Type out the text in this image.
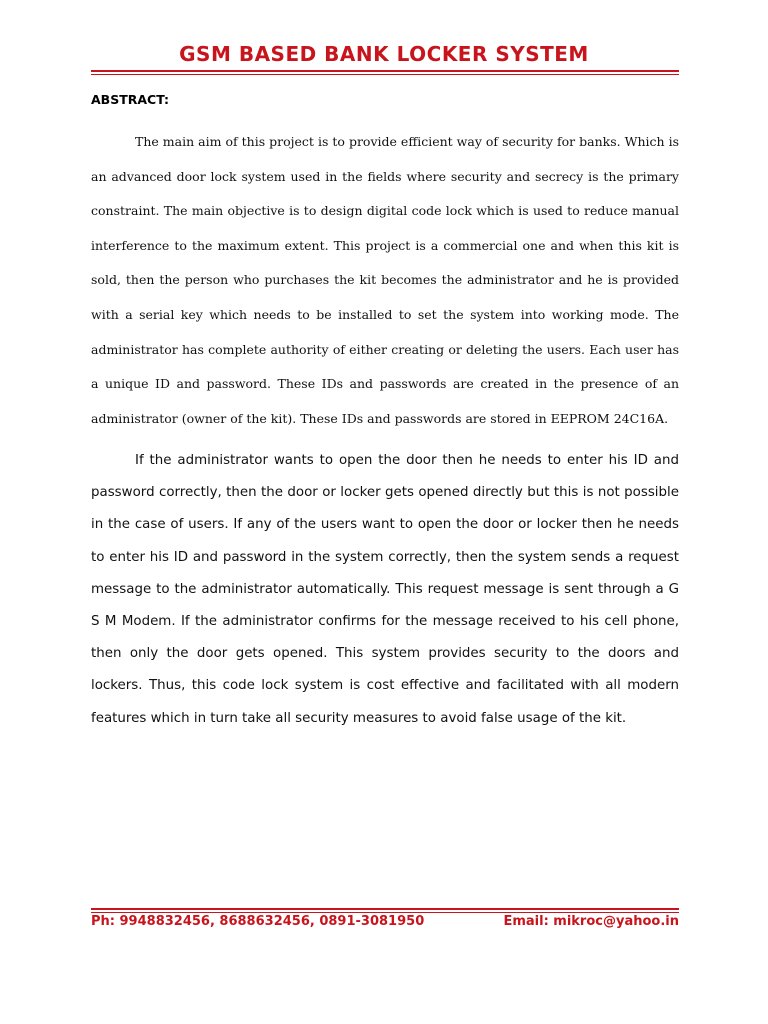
GSM BASED BANK LOCKER SYSTEM
ABSTRACT:

The main aim of this project is to provide efficient way of security for banks. Which is an advanced door lock system used in the fields where security and secrecy is the primary constraint. The main objective is to design digital code lock which is used to reduce manual interference to the maximum extent. This project is a commercial one and when this kit is sold, then the person who purchases the kit becomes the administrator and he is provided with a serial key which needs to be installed to set the system into working mode. The administrator has complete authority of either creating or deleting the users. Each user has a unique ID and password. These IDs and passwords are created in the presence of an administrator (owner of the kit). These IDs and passwords are stored in EEPROM 24C16A.

If the administrator wants to open the door then he needs to enter his ID and password correctly, then the door or locker gets opened directly but this is not possible in the case of users. If any of the users want to open the door or locker then he needs to enter his ID and password in the system correctly, then the system sends a request message to the administrator automatically. This request message is sent through a G S M Modem. If the administrator confirms for the message received to his cell phone, then only the door gets opened. This system provides security to the doors and lockers. Thus, this code lock system is cost effective and facilitated with all modern features which in turn take all security measures to avoid false usage of the kit.

Ph: 9948832456, 8688632456, 0891-3081950	Email: mikroc@yahoo.in
